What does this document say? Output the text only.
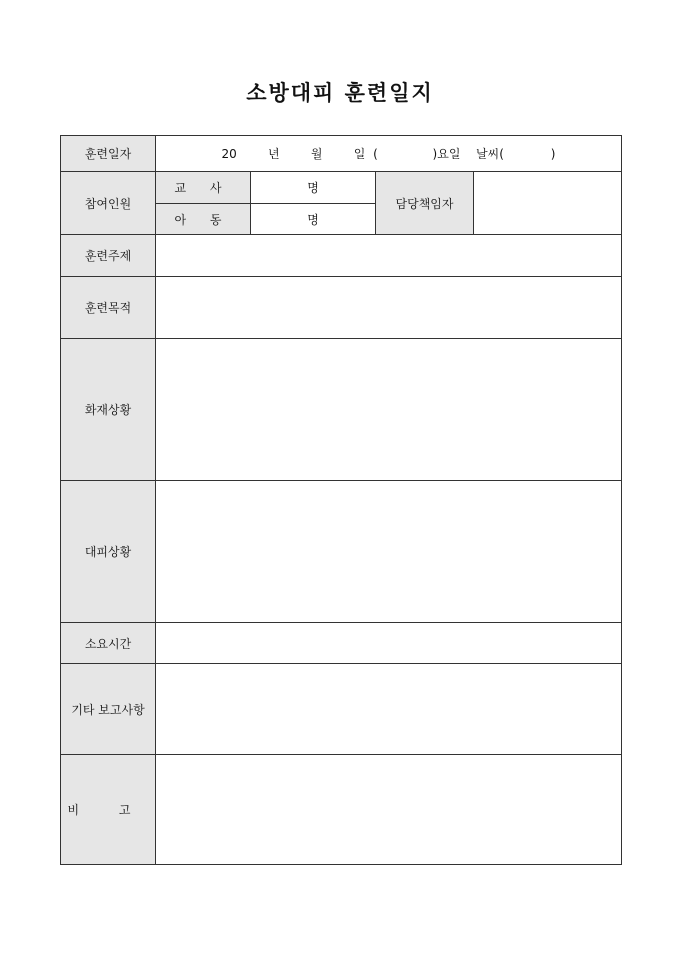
소방대피 훈련일지
훈련일자	20    년    월    일 (       )요일  날씨(      )			
참여인원	교 사	명	담당책임자	
	아 동	명		
훈련주제				
훈련목적				
화재상황				
대피상황				
소요시간				
기타 보고사항				
비 고				
